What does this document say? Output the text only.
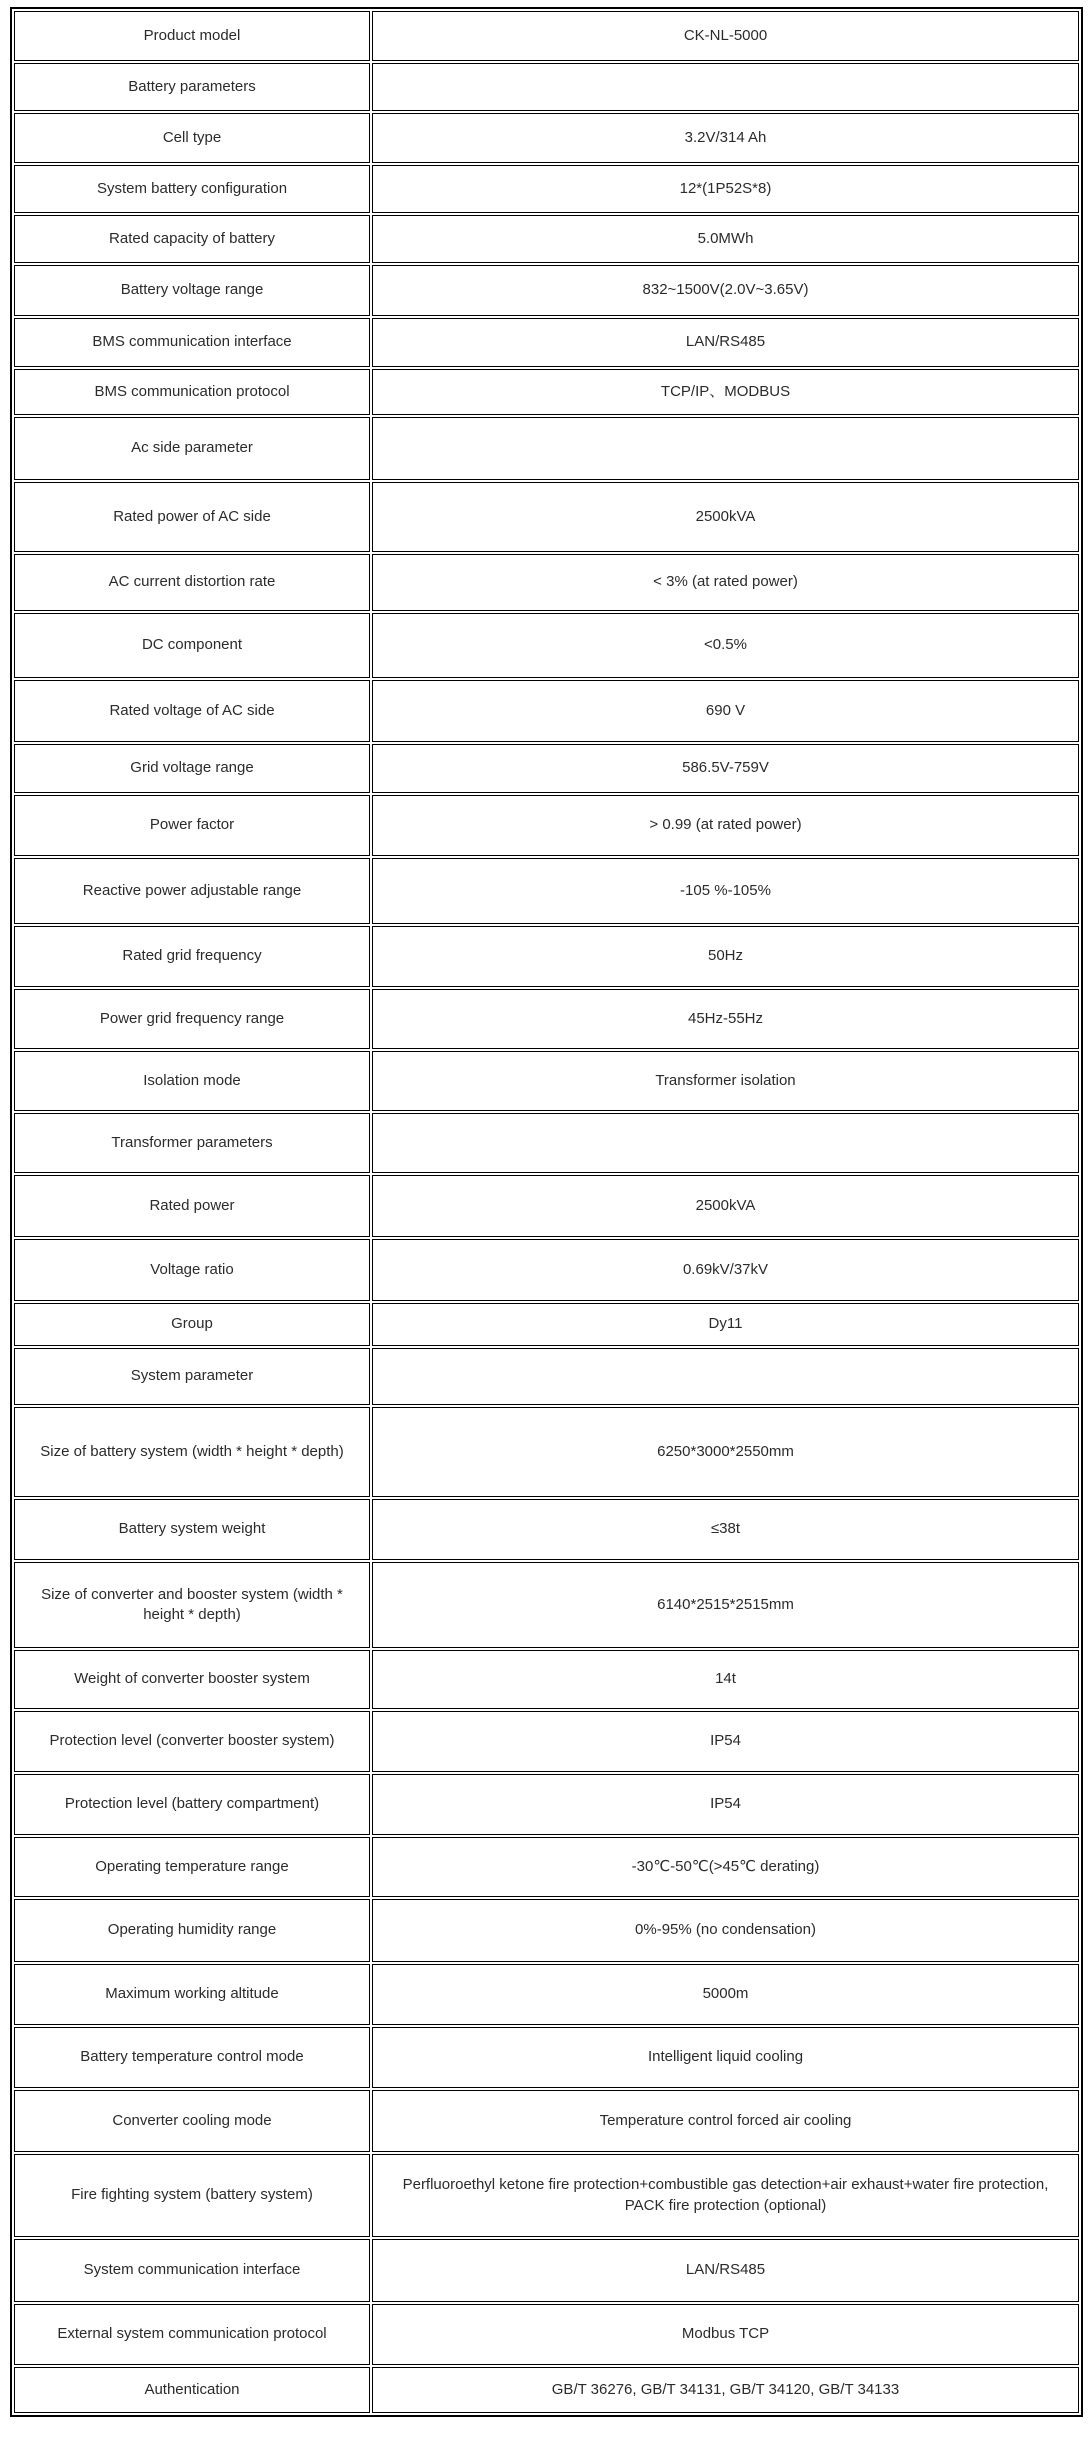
Product model	CK-NL-5000
Battery parameters	
Cell type	3.2V/314 Ah
System battery configuration	12*(1P52S*8)
Rated capacity of battery	5.0MWh
Battery voltage range	832~1500V(2.0V~3.65V)
BMS communication interface	LAN/RS485
BMS communication protocol	TCP/IP、MODBUS
Ac side parameter	
Rated power of AC side	2500kVA
AC current distortion rate	< 3% (at rated power)
DC component	<0.5%
Rated voltage of AC side	690 V
Grid voltage range	586.5V-759V
Power factor	> 0.99 (at rated power)
Reactive power adjustable range	-105 %-105%
Rated grid frequency	50Hz
Power grid frequency range	45Hz-55Hz
Isolation mode	Transformer isolation
Transformer parameters	
Rated power	2500kVA
Voltage ratio	0.69kV/37kV
Group	Dy11
System parameter	
Size of battery system (width * height * depth)	6250*3000*2550mm
Battery system weight	≤38t
Size of converter and booster system (width * height * depth)	6140*2515*2515mm
Weight of converter booster system	14t
Protection level (converter booster system)	IP54
Protection level (battery compartment)	IP54
Operating temperature range	-30℃-50℃(>45℃ derating)
Operating humidity range	0%-95% (no condensation)
Maximum working altitude	5000m
Battery temperature control mode	Intelligent liquid cooling
Converter cooling mode	Temperature control forced air cooling
Fire fighting system (battery system)	Perfluoroethyl ketone fire protection+combustible gas detection+air exhaust+water fire protection, PACK fire protection (optional)
System communication interface	LAN/RS485
External system communication protocol	Modbus TCP
Authentication	GB/T 36276, GB/T 34131, GB/T 34120, GB/T 34133
